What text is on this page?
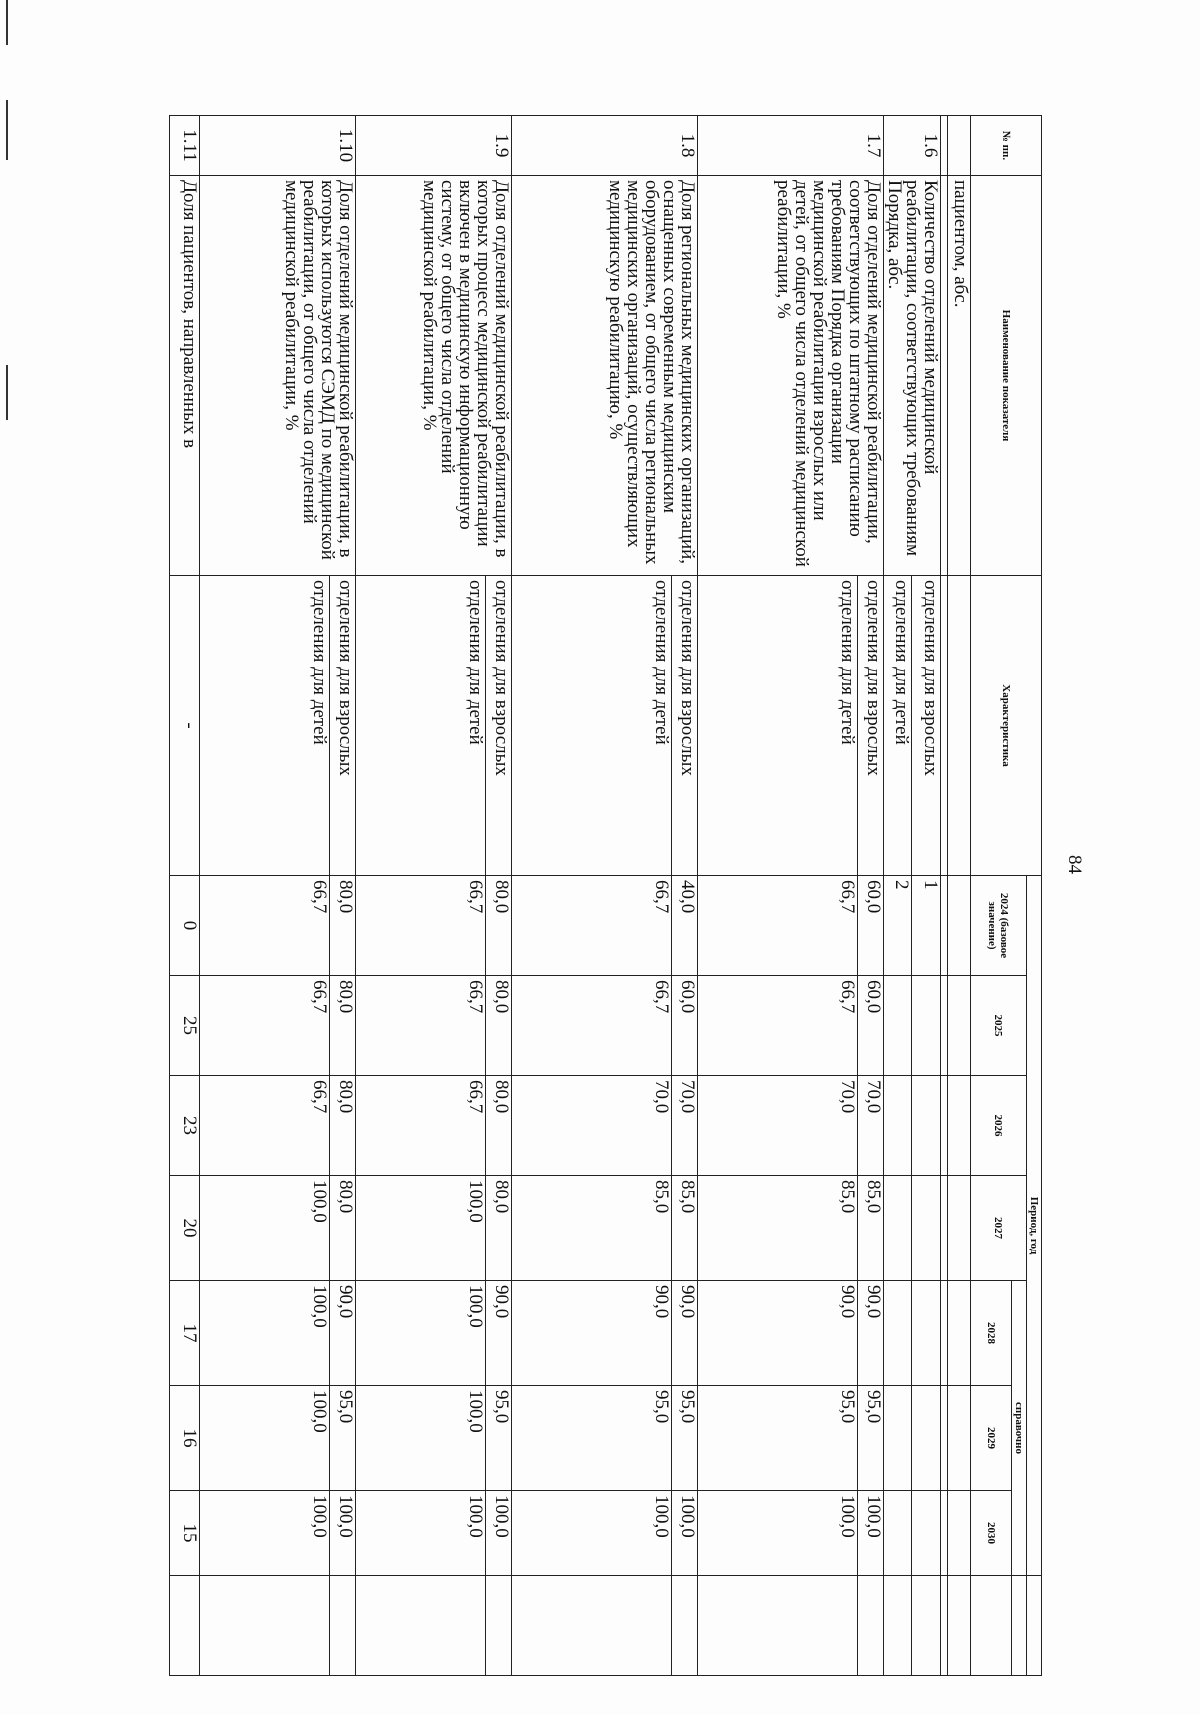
84
№ пп.	Наименование показателя	Характеристика	Период, год							
			2024 (базовое значение)	2025	2026	2027	справочно			
							2028	2029	2030	
	пациентом, абс.									

1.6	Количество отделений медицинской реабилитации, соответствующих требованиям Порядка, абс.	отделения для взрослых	1							
		отделения для детей	2							
1.7	Доля отделений медицинской реабилитации, соответствующих по штатному расписанию требованиям Порядка организации медицинской реабилитации взрослых или детей, от общего числа отделений медицинской реабилитации, %	отделения для взрослых	60,0	60,0	70,0	85,0	90,0	95,0	100,0	
		отделения для детей	66,7	66,7	70,0	85,0	90,0	95,0	100,0	
1.8	Доля региональных медицинских организаций, оснащенных современным медицинским оборудованием, от общего числа региональных медицинских организаций, осуществляющих медицинскую реабилитацию, %	отделения для взрослых	40,0	60,0	70,0	85,0	90,0	95,0	100,0	
		отделения для детей	66,7	66,7	70,0	85,0	90,0	95,0	100,0	
1.9	Доля отделений медицинской реабилитации, в которых процесс медицинской реабилитации включен в медицинскую информационную систему, от общего числа отделений медицинской реабилитации, %	отделения для взрослых	80,0	80,0	80,0	80,0	90,0	95,0	100,0	
		отделения для детей	66,7	66,7	66,7	100,0	100,0	100,0	100,0	
1.10	Доля отделений медицинской реабилитации, в которых используются СЭМД по медицинской реабилитации, от общего числа отделений медицинской реабилитации, %	отделения для взрослых	80,0	80,0	80,0	80,0	90,0	95,0	100,0	
		отделения для детей	66,7	66,7	66,7	100,0	100,0	100,0	100,0	
1.11	Доля пациентов, направленных в	-	0	25	23	20	17	16	15	
